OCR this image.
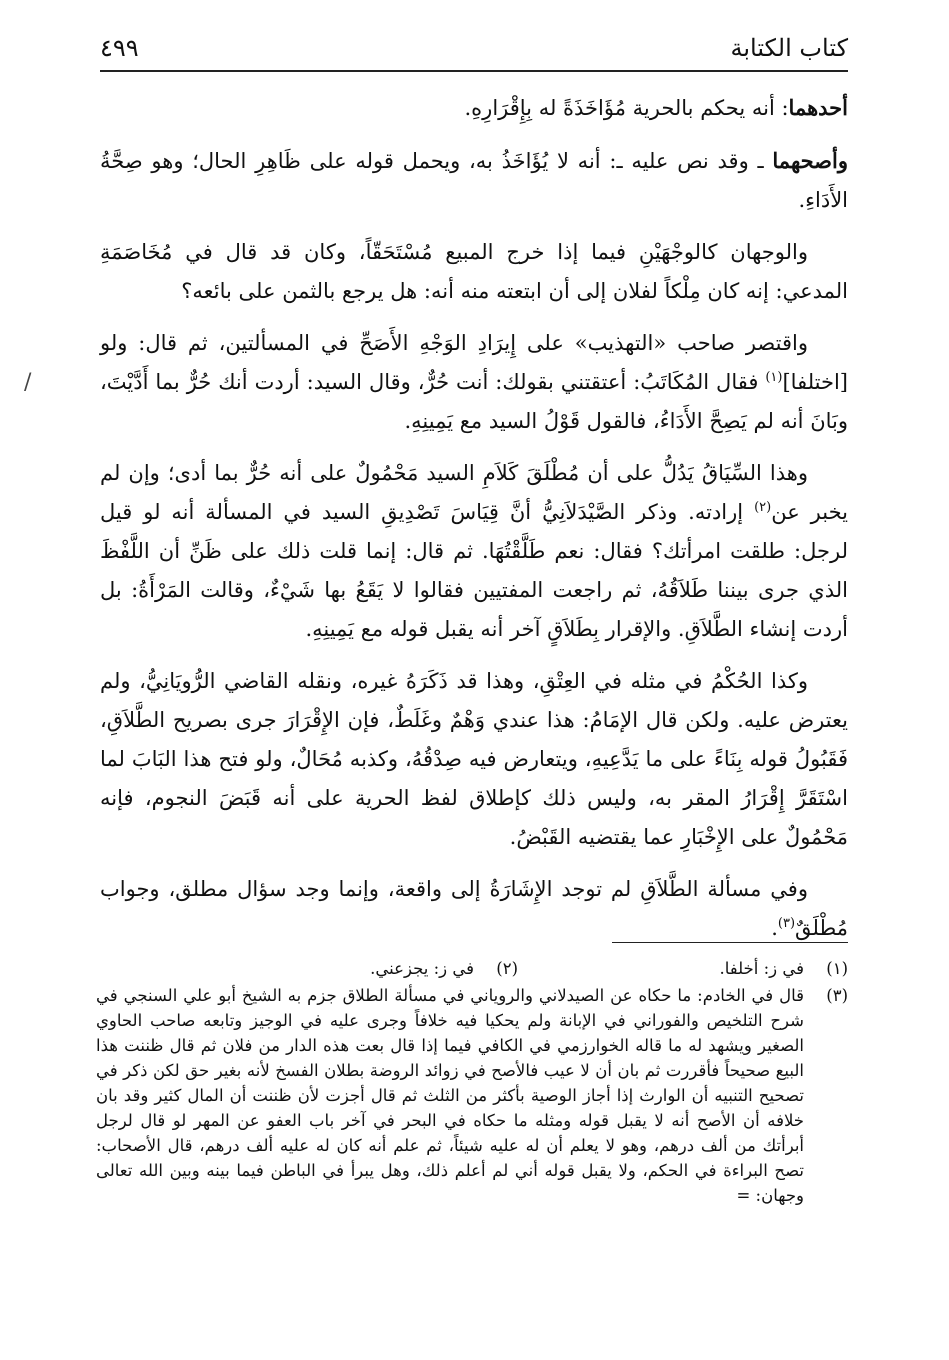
كتاب الكتابة
٤٩٩
/

أحدهما: أنه يحكم بالحرية مُؤَاخَذَةً له بِإِقْرَارِهِ.

وأصحهما ـ وقد نص عليه ـ: أنه لا يُؤَاخَذُ به، ويحمل قوله على ظَاهِرِ الحال؛ وهو صِحَّةُ الأَدَاءِ.

والوجهان كالوجْهَيْنِ فيما إذا خرج المبيع مُسْتَحَقّاً، وكان قد قال في مُخَاصَمَةِ المدعي: إنه كان مِلْكاً لفلان إلى أن ابتعته منه أنه: هل يرجع بالثمن على بائعه؟

واقتصر صاحب «التهذيب» على إِيرَادِ الوَجْهِ الأَصَحِّ في المسألتين، ثم قال: ولو [اختلفا]$^{(١)}$ فقال المُكَاتَبُ: أعتقتني بقولك: أنت حُرٌّ، وقال السيد: أردت أنك حُرٌّ بما أَدَّيْتَ، وبَانَ أنه لم يَصِحَّ الأَدَاءُ، فالقول قَوْلُ السيد مع يَمِينِهِ.

وهذا السِّيَاقُ يَدُلُّ على أن مُطْلَقَ كَلاَمِ السيد مَحْمُولٌ على أنه حُرٌّ بما أدى؛ وإن لم يخبر عن$^{(٢)}$ إرادته. وذكر الصَّيْدَلاَنِيُّ أنَّ قِيَاسَ تَصْدِيقِ السيد في المسألة أنه لو قيل لرجل: طلقت امرأتك؟ فقال: نعم طَلَّقْتُهَا. ثم قال: إنما قلت ذلك على ظَنِّ أن اللَّفْظَ الذي جرى بيننا طَلاَقُهُ، ثم راجعت المفتيين فقالوا لا يَقَعُ بها شَيْءٌ، وقالت المَرْأَةُ: بل أردت إنشاء الطَّلاَقِ. والإقرار بِطَلاَقٍ آخر أنه يقبل قوله مع يَمِينِهِ.

وكذا الحُكْمُ في مثله في العِتْقِ، وهذا قد ذَكَرَهُ غيره، ونقله القاضي الرُّويَانِيُّ، ولم يعترض عليه. ولكن قال الإمَامُ: هذا عندي وَهْمٌ وغَلَطٌ، فإن الإِقْرَارَ جرى بصريح الطَّلاَقِ، فَقَبُولُ قوله بِنَاءً على ما يَدَّعِيهِ، ويتعارض فيه صِدْقُهُ، وكذبه مُحَالٌ، ولو فتح هذا البَابَ لما اسْتَقَرَّ إِقْرَارُ المقر به، وليس ذلك كإطلاق لفظ الحرية على أنه قَبَضَ النجوم، فإنه مَحْمُولٌ على الإِخْبَارِ عما يقتضيه القَبْضُ.

وفي مسألة الطَّلاَقِ لم توجد الإِشَارَةُ إلى واقعة، وإنما وجد سؤال مطلق، وجواب مُطْلَقٌ$^{(٣)}$.

(١)
في ز: أخلفا.
(٢)
في ز: يجزعني.
(٣)
قال في الخادم: ما حكاه عن الصيدلاني والروياني في مسألة الطلاق جزم به الشيخ أبو علي السنجي في شرح التلخيص والفوراني في الإبانة ولم يحكيا فيه خلافاً وجرى عليه في الوجيز وتابعه صاحب الحاوي الصغير ويشهد له ما قاله الخوارزمي في الكافي فيما إذا قال بعت هذه الدار من فلان ثم قال ظننت هذا البيع صحيحاً فأقررت ثم بان أن لا عيب فالأصح في زوائد الروضة بطلان الفسخ لأنه بغير حق لكن ذكر في تصحيح التنبيه أن الوارث إذا أجاز الوصية بأكثر من الثلث ثم قال أجزت لأن ظننت أن المال كثير وقد بان خلافه أن الأصح أنه لا يقبل قوله ومثله ما حكاه في البحر في آخر باب العفو عن المهر لو قال لرجل أبرأتك من ألف درهم، وهو لا يعلم أن له عليه شيئاً، ثم علم أنه كان له عليه ألف درهم، قال الأصحاب: تصح البراءة في الحكم، ولا يقبل قوله أني لم أعلم ذلك، وهل يبرأ في الباطن فيما بينه وبين الله تعالى وجهان: =
